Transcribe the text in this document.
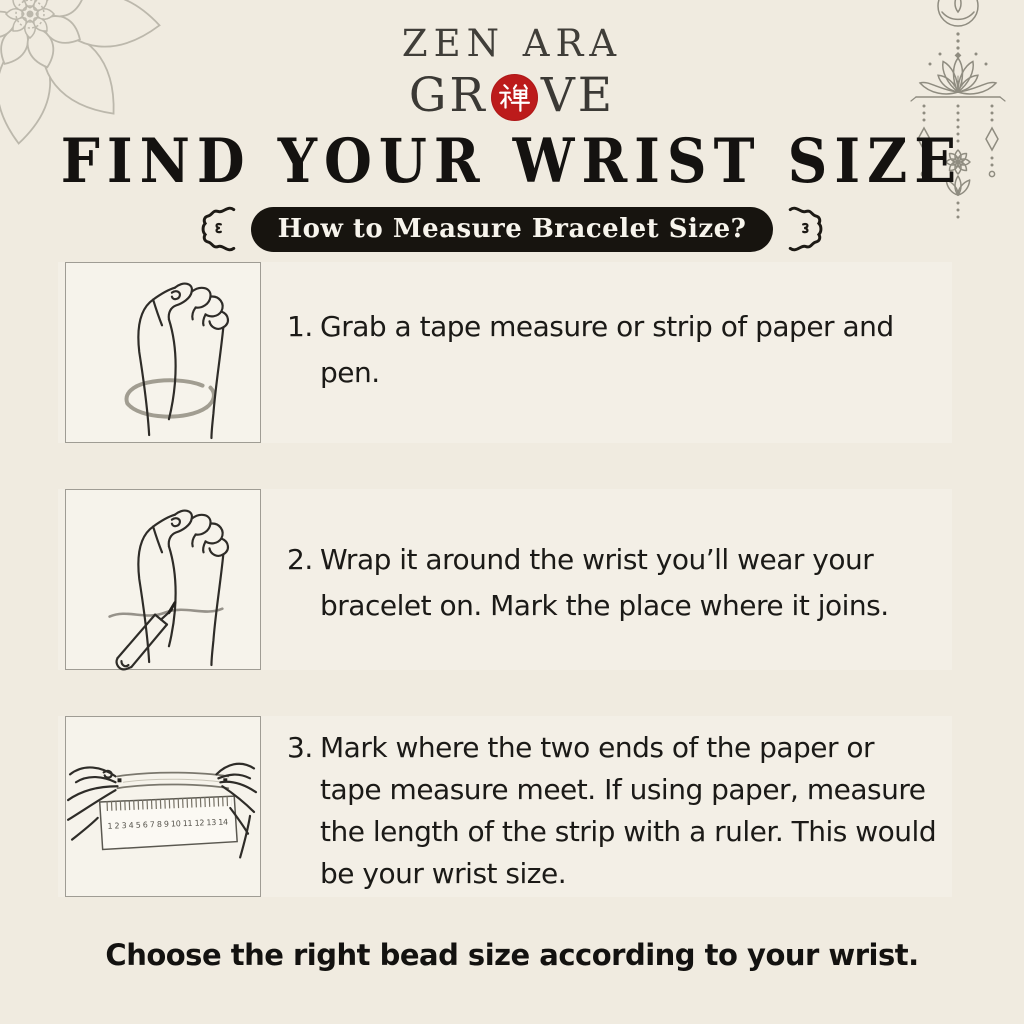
ZEN ARA
GR VE
FIND YOUR WRIST SIZE
How to Measure Bracelet Size?
1. Grab a tape measure or strip of paper and
pen.
2. Wrap it around the wrist you’ll wear your
bracelet on. Mark the place where it joins.
1 2 3 4 5 6 7 8 9 10 11 12 13 14
3. Mark where the two ends of the paper or
tape measure meet. If using paper, measure
the length of the strip with a ruler. This would
be your wrist size.
Choose the right bead size according to your wrist.
